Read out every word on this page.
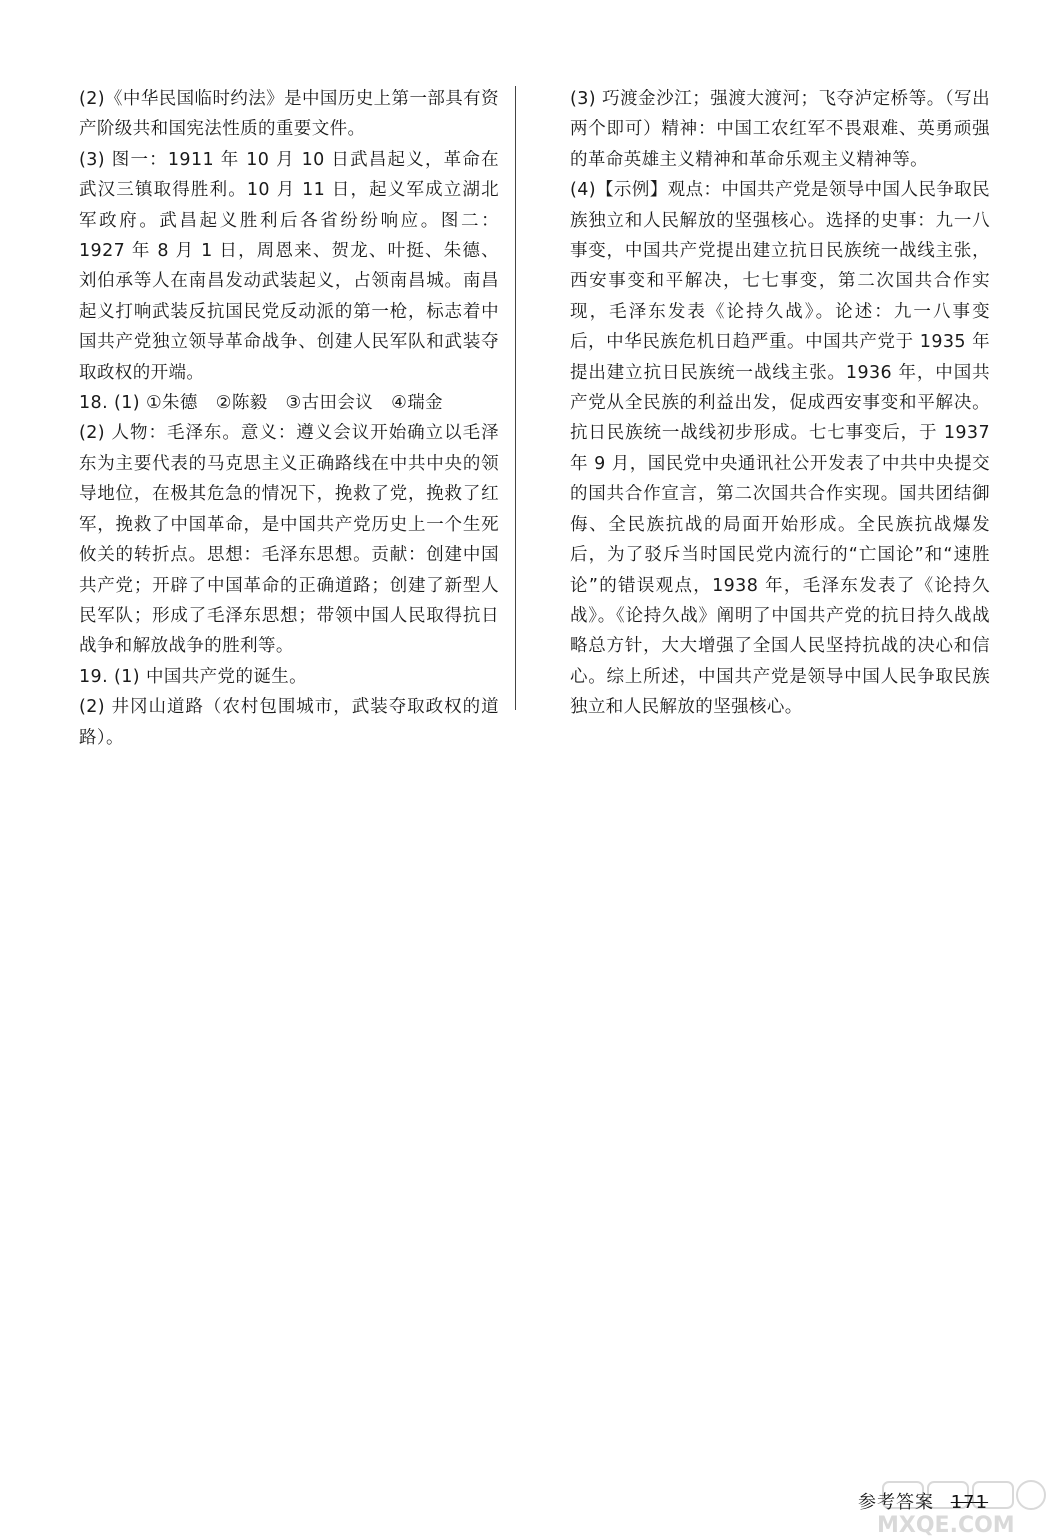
(2)《中华民国临时约法》是中国历史上第一部具有资产阶级共和国宪法性质的重要文件。

(3) 图一：1911 年 10 月 10 日武昌起义，革命在武汉三镇取得胜利。10 月 11 日，起义军成立湖北军政府。武昌起义胜利后各省纷纷响应。图二：1927 年 8 月 1 日，周恩来、贺龙、叶挺、朱德、刘伯承等人在南昌发动武装起义，占领南昌城。南昌起义打响武装反抗国民党反动派的第一枪，标志着中国共产党独立领导革命战争、创建人民军队和武装夺取政权的开端。

18. (1) ①朱德　②陈毅　③古田会议　④瑞金

(2) 人物：毛泽东。意义：遵义会议开始确立以毛泽东为主要代表的马克思主义正确路线在中共中央的领导地位，在极其危急的情况下，挽救了党，挽救了红军，挽救了中国革命，是中国共产党历史上一个生死攸关的转折点。思想：毛泽东思想。贡献：创建中国共产党；开辟了中国革命的正确道路；创建了新型人民军队；形成了毛泽东思想；带领中国人民取得抗日战争和解放战争的胜利等。

19. (1) 中国共产党的诞生。

(2) 井冈山道路（农村包围城市，武装夺取政权的道路）。

(3) 巧渡金沙江；强渡大渡河；飞夺泸定桥等。（写出两个即可）精神：中国工农红军不畏艰难、英勇顽强的革命英雄主义精神和革命乐观主义精神等。

(4)【示例】观点：中国共产党是领导中国人民争取民族独立和人民解放的坚强核心。选择的史事：九一八事变，中国共产党提出建立抗日民族统一战线主张，西安事变和平解决，七七事变，第二次国共合作实现，毛泽东发表《论持久战》。论述：九一八事变后，中华民族危机日趋严重。中国共产党于 1935 年提出建立抗日民族统一战线主张。1936 年，中国共产党从全民族的利益出发，促成西安事变和平解决。抗日民族统一战线初步形成。七七事变后，于 1937 年 9 月，国民党中央通讯社公开发表了中共中央提交的国共合作宣言，第二次国共合作实现。国共团结御侮、全民族抗战的局面开始形成。全民族抗战爆发后，为了驳斥当时国民党内流行的“亡国论”和“速胜论”的错误观点，1938 年，毛泽东发表了《论持久战》。《论持久战》阐明了中国共产党的抗日持久战战略总方针，大大增强了全国人民坚持抗战的决心和信心。综上所述，中国共产党是领导中国人民争取民族独立和人民解放的坚强核心。

参考答案 171
MXQE.COM
